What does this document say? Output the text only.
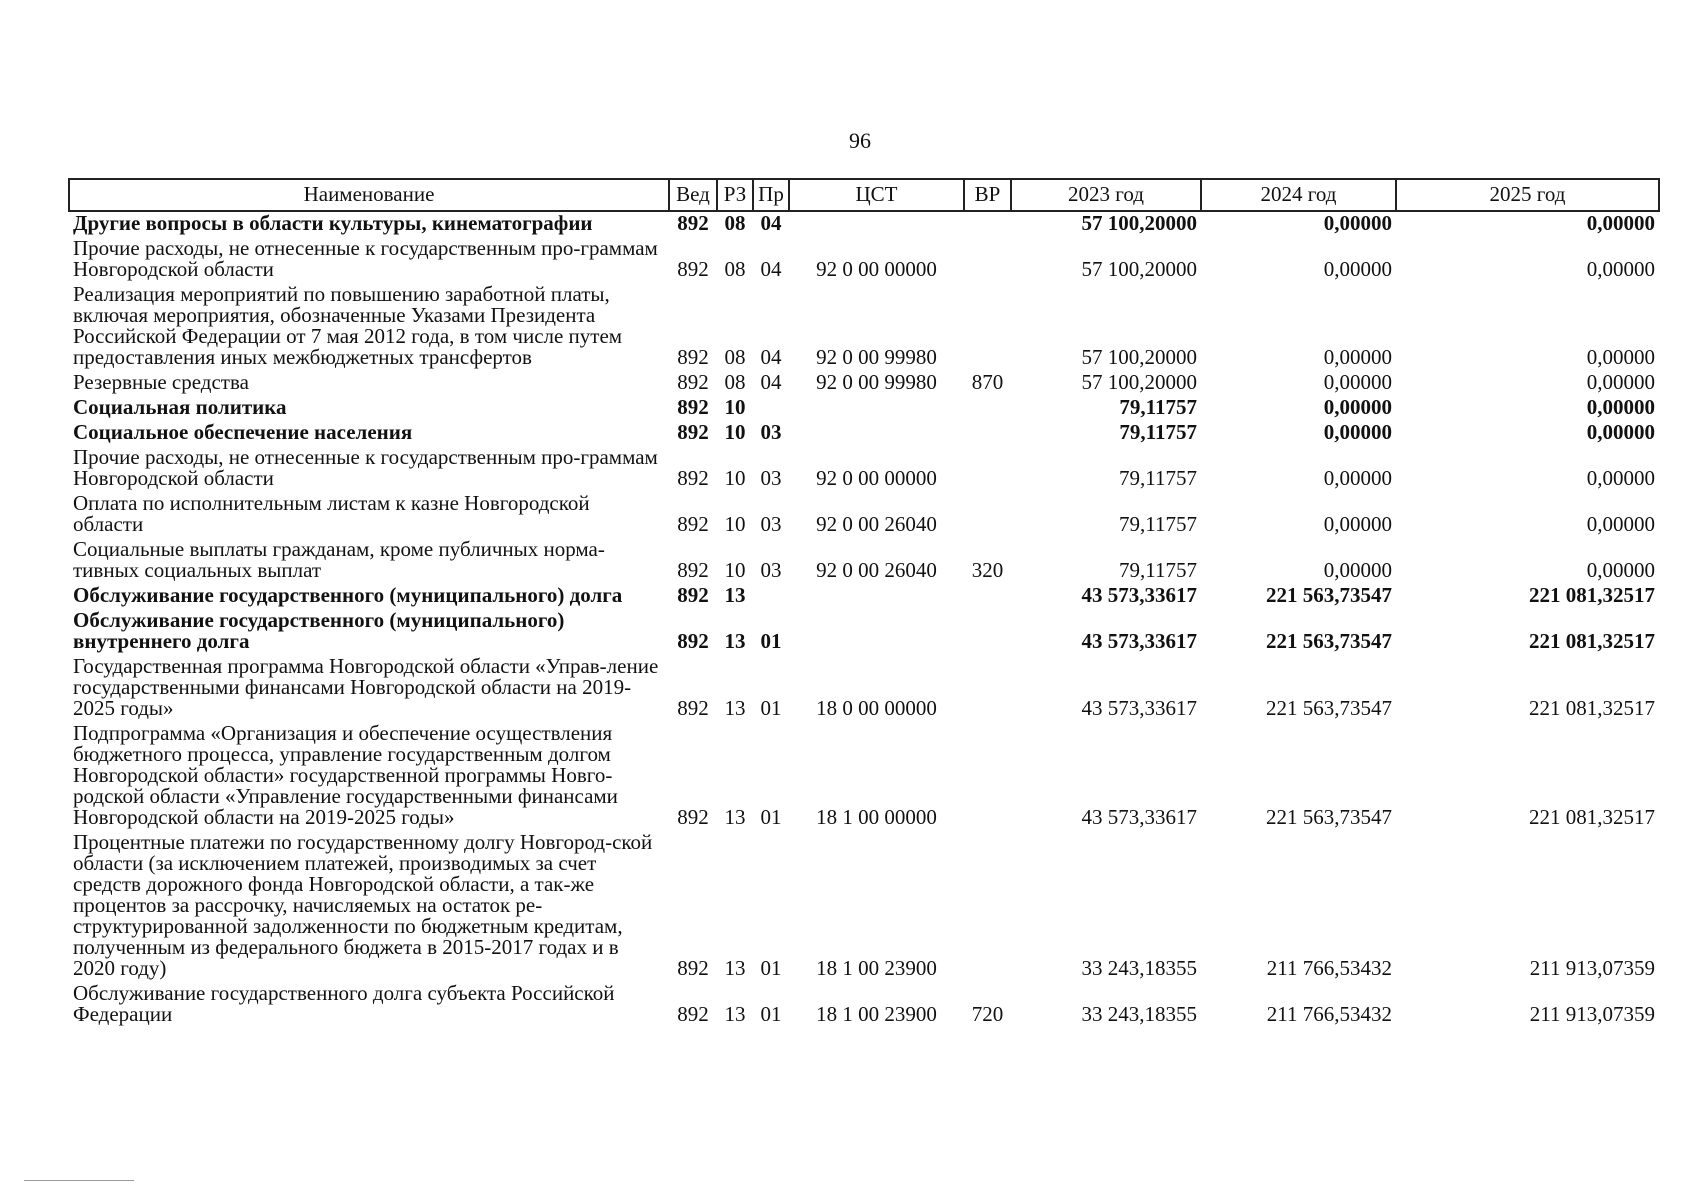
96
Наименование	Вед	РЗ	Пр	ЦСТ	ВР	2023 год	2024 год	2025 год
Другие вопросы в области культуры, кинематографии	892	08	04			57 100,20000	0,00000	0,00000
Прочие расходы, не отнесенные к государственным про-граммам Новгородской области	892	08	04	92 0 00 00000		57 100,20000	0,00000	0,00000
Реализация мероприятий по повышению заработной платы, включая мероприятия, обозначенные Указами Президента Российской Федерации от 7 мая 2012 года, в том числе путем предоставления иных межбюджетных трансфертов	892	08	04	92 0 00 99980		57 100,20000	0,00000	0,00000
Резервные средства	892	08	04	92 0 00 99980	870	57 100,20000	0,00000	0,00000
Социальная политика	892	10				79,11757	0,00000	0,00000
Социальное обеспечение населения	892	10	03			79,11757	0,00000	0,00000
Прочие расходы, не отнесенные к государственным про-граммам Новгородской области	892	10	03	92 0 00 00000		79,11757	0,00000	0,00000
Оплата по исполнительным листам к казне Новгородской области	892	10	03	92 0 00 26040		79,11757	0,00000	0,00000
Социальные выплаты гражданам, кроме публичных норма-тивных социальных выплат	892	10	03	92 0 00 26040	320	79,11757	0,00000	0,00000
Обслуживание государственного (муниципального) долга	892	13				43 573,33617	221 563,73547	221 081,32517
Обслуживание государственного (муниципального) внутреннего долга	892	13	01			43 573,33617	221 563,73547	221 081,32517
Государственная программа Новгородской области «Управ-ление государственными финансами Новгородской области на 2019-2025 годы»	892	13	01	18 0 00 00000		43 573,33617	221 563,73547	221 081,32517
Подпрограмма «Организация и обеспечение осуществления бюджетного процесса, управление государственным долгом Новгородской области» государственной программы Новго-родской области «Управление государственными финансами Новгородской области на 2019-2025 годы»	892	13	01	18 1 00 00000		43 573,33617	221 563,73547	221 081,32517
Процентные платежи по государственному долгу Новгород-ской области (за исключением платежей, производимых за счет средств дорожного фонда Новгородской области, а так-же процентов за рассрочку, начисляемых на остаток ре-структурированной задолженности по бюджетным кредитам, полученным из федерального бюджета в 2015-2017 годах и в 2020 году)	892	13	01	18 1 00 23900		33 243,18355	211 766,53432	211 913,07359
Обслуживание государственного долга субъекта Российской Федерации	892	13	01	18 1 00 23900	720	33 243,18355	211 766,53432	211 913,07359
